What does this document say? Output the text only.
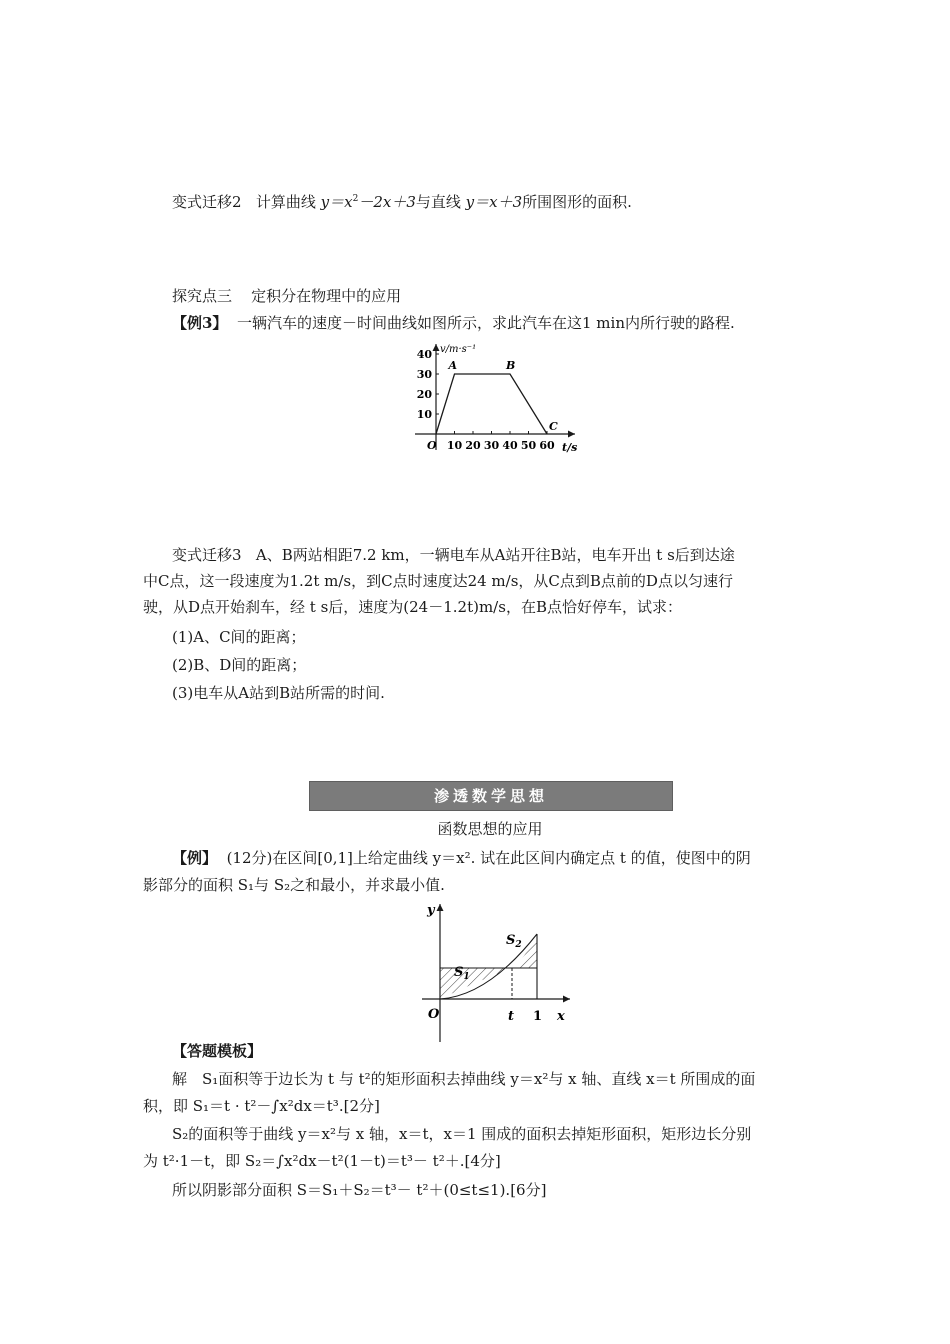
变式迁移2 计算曲线 $y=x^2-2x+3$与直线 y＝x＋3所围图形的面积.
探究点三 定积分在物理中的应用
【例3】 一辆汽车的速度－时间曲线如图所示，求此汽车在这1 min内所行驶的路程.
v/m·s⁻¹
t/s
O
10
20
30
40
10 20 30 40 50 60
A	B
C
变式迁移3 A、B两站相距7.2 km，一辆电车从A站开往B站，电车开出 t s后到达途
中C点，这一段速度为1.2t m/s，到C点时速度达24 m/s，从C点到B点前的D点以匀速行
驶，从D点开始刹车，经 t s后，速度为(24－1.2t)m/s，在B点恰好停车，试求：
(1)A、C间的距离；
(2)B、D间的距离；
(3)电车从A站到B站所需的时间.
渗透数学思想
函数思想的应用
【例】 (12分)在区间[0,1]上给定曲线 y＝x². 试在此区间内确定点 t 的值，使图中的阴
影部分的面积 S₁与 S₂之和最小，并求最小值.
y
x
O	t 1
$S_1$
$S_2$
【答题模板】
解　S₁面积等于边长为 t 与 t²的矩形面积去掉曲线 y＝x²与 x 轴、直线 x＝t 所围成的面
积，即 S₁＝t · t²－∫x²dx＝t³.[2分]
S₂的面积等于曲线 y＝x²与 x 轴，x＝t，x＝1 围成的面积去掉矩形面积，矩形边长分别
为 t²·1－t，即 S₂＝∫x²dx－t²(1－t)＝t³－ t²＋.[4分]
所以阴影部分面积 S＝S₁＋S₂＝t³－ t²＋(0≤t≤1).[6分]
